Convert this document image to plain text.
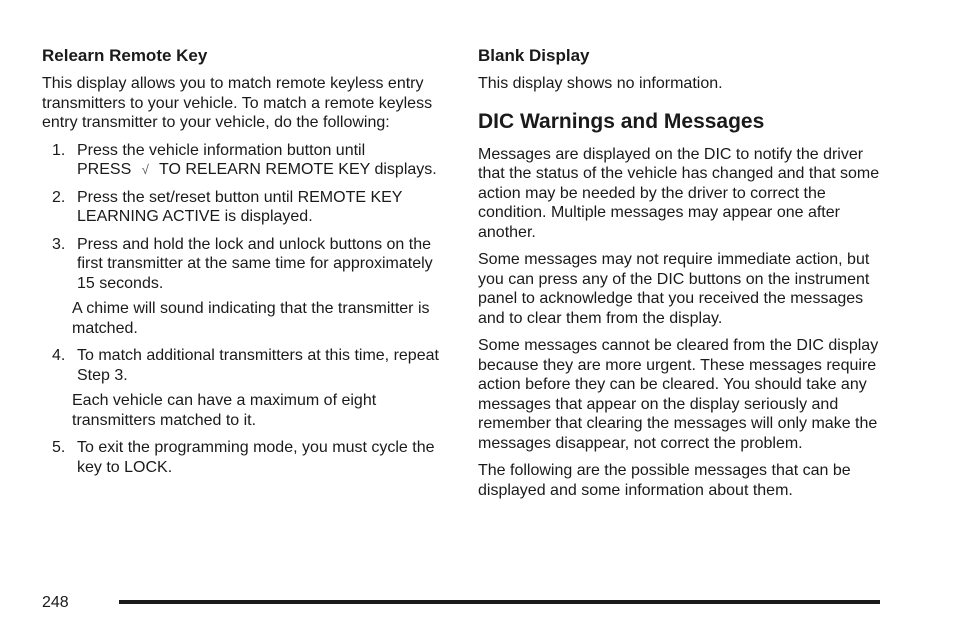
Relearn Remote Key

This display allows you to match remote keyless entry transmitters to your vehicle. To match a remote keyless entry transmitter to your vehicle, do the following:

1. Press the vehicle information button until
PRESS √ TO RELEARN REMOTE KEY displays.
2. Press the set/reset button until REMOTE KEY LEARNING ACTIVE is displayed.
3. Press and hold the lock and unlock buttons on the first transmitter at the same time for approximately 15 seconds.
A chime will sound indicating that the transmitter is matched.
4. To match additional transmitters at this time, repeat Step 3.
Each vehicle can have a maximum of eight transmitters matched to it.
5. To exit the programming mode, you must cycle the key to LOCK.
Blank Display

This display shows no information.

DIC Warnings and Messages

Messages are displayed on the DIC to notify the driver that the status of the vehicle has changed and that some action may be needed by the driver to correct the condition. Multiple messages may appear one after another.

Some messages may not require immediate action, but you can press any of the DIC buttons on the instrument panel to acknowledge that you received the messages and to clear them from the display.

Some messages cannot be cleared from the DIC display because they are more urgent. These messages require action before they can be cleared. You should take any messages that appear on the display seriously and remember that clearing the messages will only make the messages disappear, not correct the problem.

The following are the possible messages that can be displayed and some information about them.

248
